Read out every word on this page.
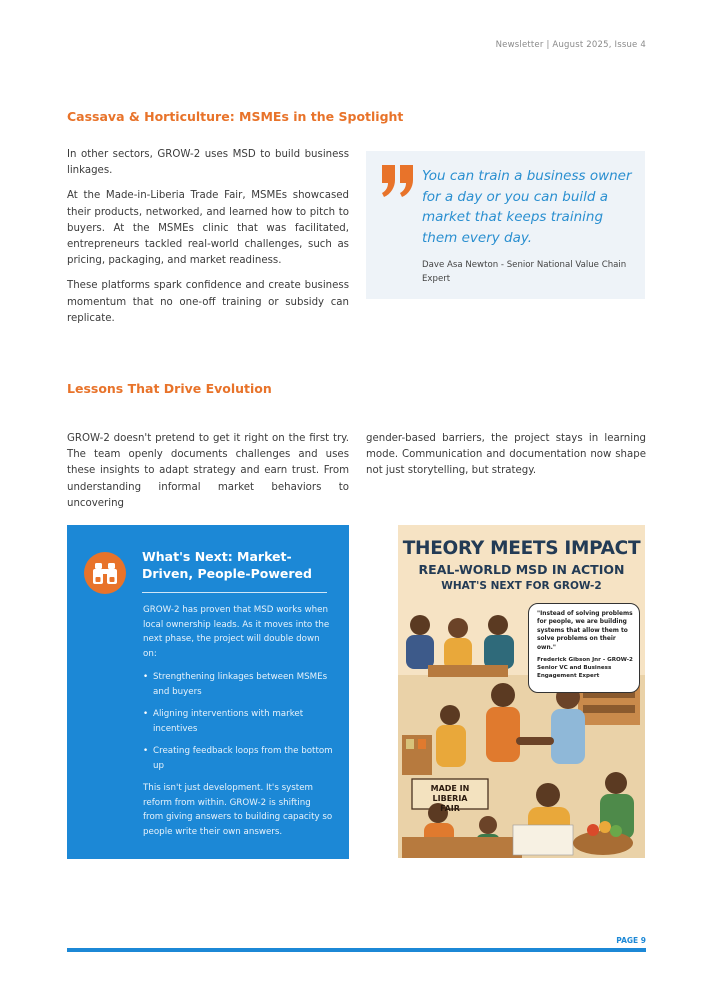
Newsletter | August 2025, Issue 4
Cassava & Horticulture: MSMEs in the Spotlight

In other sectors, GROW-2 uses MSD to build business linkages.

At the Made-in-Liberia Trade Fair, MSMEs showcased their products, networked, and learned how to pitch to buyers. At the MSMEs clinic that was facilitated, entrepreneurs tackled real-world challenges, such as pricing, packaging, and market readiness.

These platforms spark confidence and create business momentum that no one-off training or subsidy can replicate.

You can train a business owner for a day or you can build a market that keeps training them every day.
Dave Asa Newton - Senior National Value Chain Expert
Lessons That Drive Evolution
GROW-2 doesn't pretend to get it right on the first try. The team openly documents challenges and uses these insights to adapt strategy and earn trust. From understanding informal market behaviors to uncovering
gender-based barriers, the project stays in learning mode. Communication and documentation now shape not just storytelling, but strategy.
What's Next: Market-Driven, People-Powered

GROW-2 has proven that MSD works when local ownership leads. As it moves into the next phase, the project will double down on:

• Strengthening linkages between MSMEs and buyers
• Aligning interventions with market incentives
• Creating feedback loops from the bottom up

This isn't just development. It's system reform from within. GROW-2 is shifting from giving answers to building capacity so people write their own answers.

THEORY MEETS IMPACT
REAL-WORLD MSD IN ACTION
WHAT'S NEXT FOR GROW-2
MADE IN LIBERIA
FAIR
"Instead of solving problems for people, we are building systems that allow them to solve problems on their own."
Frederick Gibson Jnr - GROW-2 Senior VC and Business Engagement Expert
PAGE 9
